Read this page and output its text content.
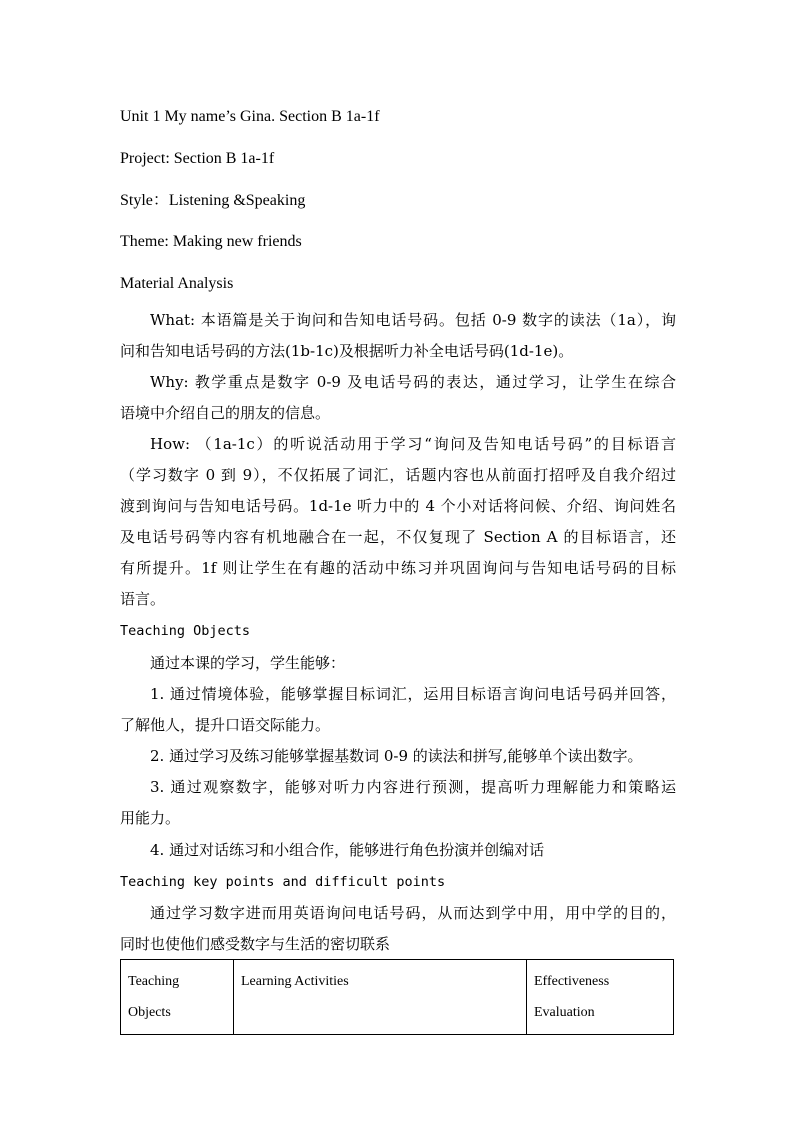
Unit 1 My name’s Gina. Section B 1a-1f
Project: Section B 1a-1f
Style：Listening &Speaking
Theme: Making new friends
Material Analysis
What: 本语篇是关于询问和告知电话号码。包括 0-9 数字的读法（1a），询
问和告知电话号码的方法(1b-1c)及根据听力补全电话号码(1d-1e)。
Why: 教学重点是数字 0-9 及电话号码的表达，通过学习，让学生在综合
语境中介绍自己的朋友的信息。
How: （1a-1c）的听说活动用于学习“询问及告知电话号码”的目标语言
（学习数字 0 到 9），不仅拓展了词汇，话题内容也从前面打招呼及自我介绍过
渡到询问与告知电话号码。1d-1e 听力中的 4 个小对话将问候、介绍、询问姓名
及电话号码等内容有机地融合在一起，不仅复现了 Section A 的目标语言，还
有所提升。1f 则让学生在有趣的活动中练习并巩固询问与告知电话号码的目标
语言。
Teaching Objects
通过本课的学习，学生能够：
1. 通过情境体验，能够掌握目标词汇，运用目标语言询问电话号码并回答，
了解他人，提升口语交际能力。
2. 通过学习及练习能够掌握基数词 0-9 的读法和拼写,能够单个读出数字。
3. 通过观察数字，能够对听力内容进行预测，提高听力理解能力和策略运
用能力。
4. 通过对话练习和小组合作，能够进行角色扮演并创编对话
Teaching key points and difficult points
通过学习数字进而用英语询问电话号码，从而达到学中用，用中学的目的，
同时也使他们感受数字与生活的密切联系
Teaching
Objects	Learning Activities	Effectiveness
Evaluation
